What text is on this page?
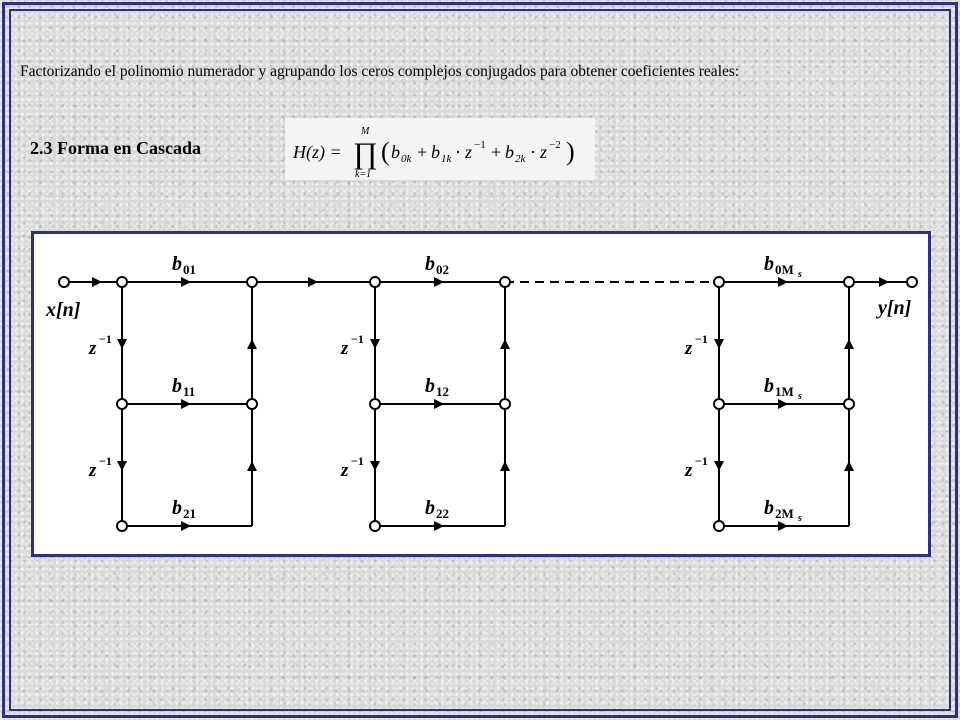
Factorizando el polinomio numerador y agrupando los ceros complejos conjugados para obtener coeficientes reales:
2.3 Forma en Cascada	H(z) =
M
∏
k=1
( b 0k + b 1k · z −1 + b 2k · z −2 )
x[n]	y[n]
z −1
z −1
z −1
z −1
z −1
z −1
b 01
b 11
b 21
b 02
b 12
b 22
b 0M s
b 1M s
b 2M s
